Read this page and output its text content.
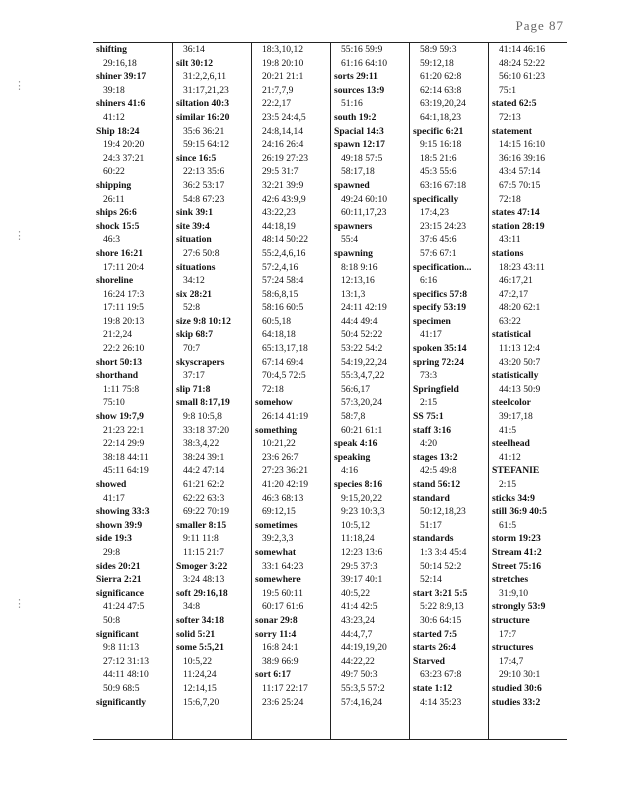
Page 87
⋮
⋮
⋮
shifting
29:16,18
shiner 39:17
39:18
shiners 41:6
41:12
Ship 18:24
19:4 20:20
24:3 37:21
60:22
shipping
26:11
ships 26:6
shock 15:5
46:3
shore 16:21
17:11 20:4
shoreline
16:24 17:3
17:11 19:5
19:8 20:13
21:2,24
22:2 26:10
short 50:13
shorthand
1:11 75:8
75:10
show 19:7,9
21:23 22:1
22:14 29:9
38:18 44:11
45:11 64:19
showed
41:17
showing 33:3
shown 39:9
side 19:3
29:8
sides 20:21
Sierra 2:21
significance
41:24 47:5
50:8
significant
9:8 11:13
27:12 31:13
44:11 48:10
50:9 68:5
significantly
36:14
silt 30:12
31:2,2,6,11
31:17,21,23
siltation 40:3
similar 16:20
35:6 36:21
59:15 64:12
since 16:5
22:13 35:6
36:2 53:17
54:8 67:23
sink 39:1
site 39:4
situation
27:6 50:8
situations
34:12
six 28:21
52:8
size 9:8 10:12
skip 68:7
70:7
skyscrapers
37:17
slip 71:8
small 8:17,19
9:8 10:5,8
33:18 37:20
38:3,4,22
38:24 39:1
44:2 47:14
61:21 62:2
62:22 63:3
69:22 70:19
smaller 8:15
9:11 11:8
11:15 21:7
Smoger 3:22
3:24 48:13
soft 29:16,18
34:8
softer 34:18
solid 5:21
some 5:5,21
10:5,22
11:24,24
12:14,15
15:6,7,20
18:3,10,12
19:8 20:10
20:21 21:1
21:7,7,9
22:2,17
23:5 24:4,5
24:8,14,14
24:16 26:4
26:19 27:23
29:5 31:7
32:21 39:9
42:6 43:9,9
43:22,23
44:18,19
48:14 50:22
55:2,4,6,16
57:2,4,16
57:24 58:4
58:6,8,15
58:16 60:5
60:5,18
64:18,18
65:13,17,18
67:14 69:4
70:4,5 72:5
72:18
somehow
26:14 41:19
something
10:21,22
23:6 26:7
27:23 36:21
41:20 42:19
46:3 68:13
69:12,15
sometimes
39:2,3,3
somewhat
33:1 64:23
somewhere
19:5 60:11
60:17 61:6
sonar 29:8
sorry 11:4
16:8 24:1
38:9 66:9
sort 6:17
11:17 22:17
23:6 25:24
55:16 59:9
61:16 64:10
sorts 29:11
sources 13:9
51:16
south 19:2
Spacial 14:3
spawn 12:17
49:18 57:5
58:17,18
spawned
49:24 60:10
60:11,17,23
spawners
55:4
spawning
8:18 9:16
12:13,16
13:1,3
24:11 42:19
44:4 49:4
50:4 52:22
53:22 54:2
54:19,22,24
55:3,4,7,22
56:6,17
57:3,20,24
58:7,8
60:21 61:1
speak 4:16
speaking
4:16
species 8:16
9:15,20,22
9:23 10:3,3
10:5,12
11:18,24
12:23 13:6
29:5 37:3
39:17 40:1
40:5,22
41:4 42:5
43:23,24
44:4,7,7
44:19,19,20
44:22,22
49:7 50:3
55:3,5 57:2
57:4,16,24
58:9 59:3
59:12,18
61:20 62:8
62:14 63:8
63:19,20,24
64:1,18,23
specific 6:21
9:15 16:18
18:5 21:6
45:3 55:6
63:16 67:18
specifically
17:4,23
23:15 24:23
37:6 45:6
57:6 67:1
specification...
6:16
specifics 57:8
specify 53:19
specimen
41:17
spoken 35:14
spring 72:24
73:3
Springfield
2:15
SS 75:1
staff 3:16
4:20
stages 13:2
42:5 49:8
stand 56:12
standard
50:12,18,23
51:17
standards
1:3 3:4 45:4
50:14 52:2
52:14
start 3:21 5:5
5:22 8:9,13
30:6 64:15
started 7:5
starts 26:4
Starved
63:23 67:8
state 1:12
4:14 35:23
41:14 46:16
48:24 52:22
56:10 61:23
75:1
stated 62:5
72:13
statement
14:15 16:10
36:16 39:16
43:4 57:14
67:5 70:15
72:18
states 47:14
station 28:19
43:11
stations
18:23 43:11
46:17,21
47:2,17
48:20 62:1
63:22
statistical
11:13 12:4
43:20 50:7
statistically
44:13 50:9
steelcolor
39:17,18
41:5
steelhead
41:12
STEFANIE
2:15
sticks 34:9
still 36:9 40:5
61:5
storm 19:23
Stream 41:2
Street 75:16
stretches
31:9,10
strongly 53:9
structure
17:7
structures
17:4,7
29:10 30:1
studied 30:6
studies 33:2
